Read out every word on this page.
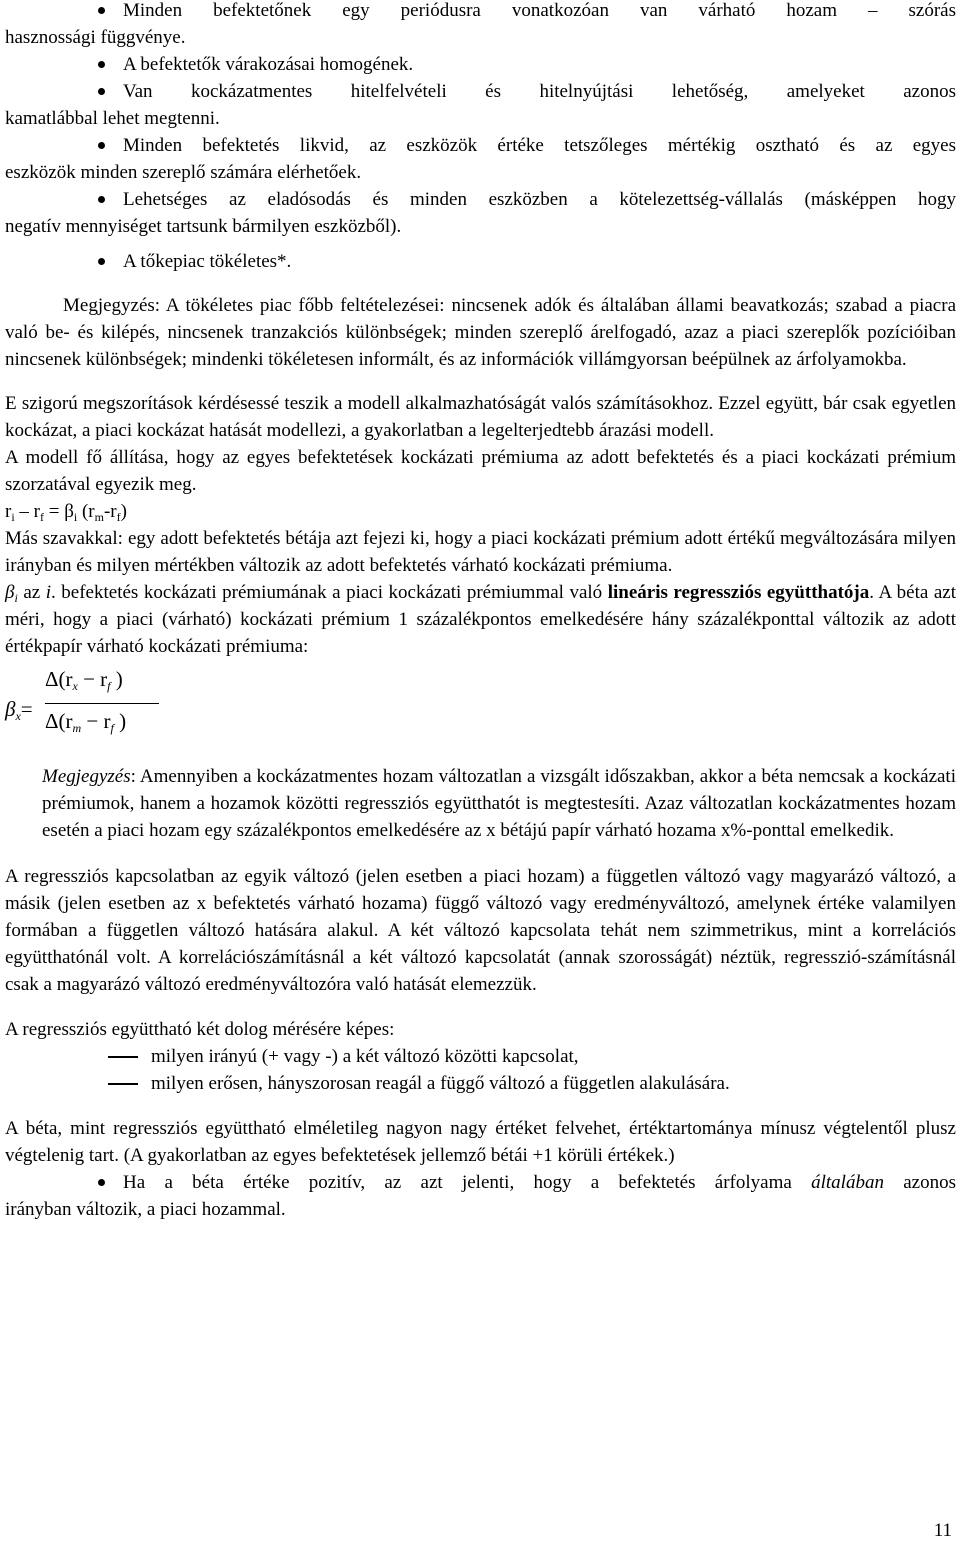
Minden befektetőnek egy periódusra vonatkozóan van várható hozam – szórás

hasznossági függvénye.

A befektetők várakozásai homogének.

Van kockázatmentes hitelfelvételi és hitelnyújtási lehetőség, amelyeket azonos

kamatlábbal lehet megtenni.

Minden befektetés likvid, az eszközök értéke tetszőleges mértékig osztható és az egyes

eszközök minden szereplő számára elérhetőek.

Lehetséges az eladósodás és minden eszközben a kötelezettség-vállalás (másképpen hogy

negatív mennyiséget tartsunk bármilyen eszközből).

A tőkepiac tökéletes*.

Megjegyzés: A tökéletes piac főbb feltételezései: nincsenek adók és általában állami beavatkozás; szabad a piacra való be- és kilépés, nincsenek tranzakciós különbségek; minden szereplő árelfogadó, azaz a piaci szereplők pozícióiban nincsenek különbségek; mindenki tökéletesen informált, és az információk villámgyorsan beépülnek az árfolyamokba.

E szigorú megszorítások kérdésessé teszik a modell alkalmazhatóságát valós számításokhoz. Ezzel együtt, bár csak egyetlen kockázat, a piaci kockázat hatását modellezi, a gyakorlatban a legelterjedtebb árazási modell.

A modell fő állítása, hogy az egyes befektetések kockázati prémiuma az adott befektetés és a piaci kockázati prémium szorzatával egyezik meg.

$r_i - r_f = \beta_i$ $(r_m-r_f)$

Más szavakkal: egy adott befektetés bétája azt fejezi ki, hogy a piaci kockázati prémium adott értékű megváltozására milyen irányban és milyen mértékben változik az adott befektetés várható kockázati prémiuma.

$\beta_i$ az i. befektetés kockázati prémiumának a piaci kockázati prémiummal való lineáris regressziós együtthatója. A béta azt méri, hogy a piaci (várható) kockázati prémium 1 százalékpontos emelkedésére hány százalékponttal változik az adott értékpapír várható kockázati prémiuma:

$\beta_x=$
$\Delta(r_x - r_f$ )
$\Delta(r_m - r_f$ )

Megjegyzés: Amennyiben a kockázatmentes hozam változatlan a vizsgált időszakban, akkor a béta nemcsak a kockázati prémiumok, hanem a hozamok közötti regressziós együtthatót is megtestesíti. Azaz változatlan kockázatmentes hozam esetén a piaci hozam egy százalékpontos emelkedésére az x bétájú papír várható hozama x%-ponttal emelkedik.

A regressziós kapcsolatban az egyik változó (jelen esetben a piaci hozam) a független változó vagy magyarázó változó, a másik (jelen esetben az x befektetés várható hozama) függő változó vagy eredményváltozó, amelynek értéke valamilyen formában a független változó hatására alakul. A két változó kapcsolata tehát nem szimmetrikus, mint a korrelációs együtthatónál volt. A korrelációszámításnál a két változó kapcsolatát (annak szorosságát) néztük, regresszió-számításnál csak a magyarázó változó eredményváltozóra való hatását elemezzük.

A regressziós együttható két dolog mérésére képes:

milyen irányú (+ vagy -) a két változó közötti kapcsolat,

milyen erősen, hányszorosan reagál a függő változó a független alakulására.

A béta, mint regressziós együttható elméletileg nagyon nagy értéket felvehet, értéktartománya mínusz végtelentől plusz végtelenig tart. (A gyakorlatban az egyes befektetések jellemző bétái +1 körüli értékek.)

Ha a béta értéke pozitív, az azt jelenti, hogy a befektetés árfolyama általában azonos

irányban változik, a piaci hozammal.

11
